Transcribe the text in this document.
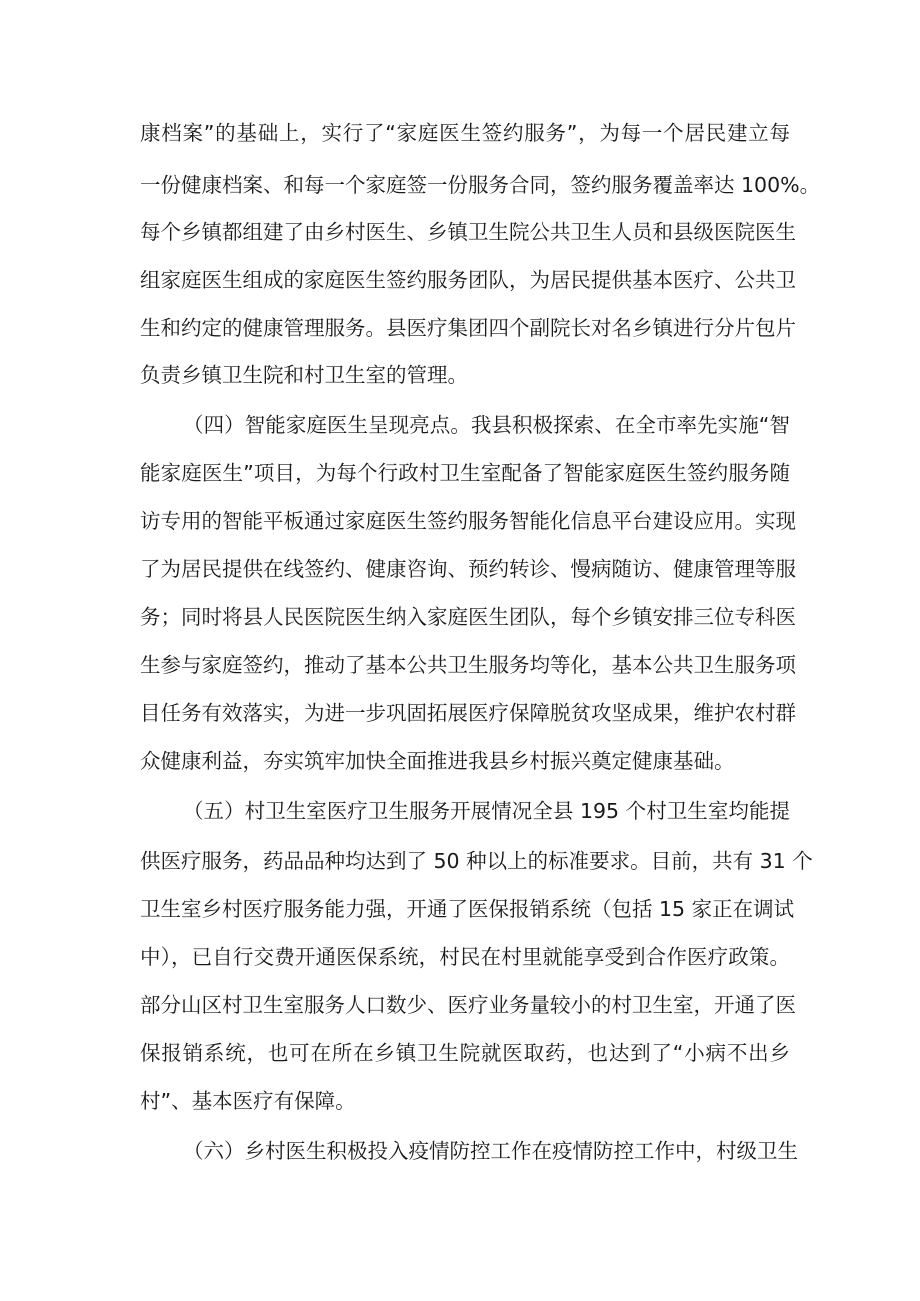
康档案”的基础上，实行了“家庭医生签约服务”，为每一个居民建立每
一份健康档案、和每一个家庭签一份服务合同，签约服务覆盖率达 100%。
每个乡镇都组建了由乡村医生、乡镇卫生院公共卫生人员和县级医院医生
组家庭医生组成的家庭医生签约服务团队，为居民提供基本医疗、公共卫
生和约定的健康管理服务。县医疗集团四个副院长对名乡镇进行分片包片
负责乡镇卫生院和村卫生室的管理。
（四）智能家庭医生呈现亮点。我县积极探索、在全市率先实施“智
能家庭医生”项目，为每个行政村卫生室配备了智能家庭医生签约服务随
访专用的智能平板通过家庭医生签约服务智能化信息平台建设应用。实现
了为居民提供在线签约、健康咨询、预约转诊、慢病随访、健康管理等服
务；同时将县人民医院医生纳入家庭医生团队，每个乡镇安排三位专科医
生参与家庭签约，推动了基本公共卫生服务均等化，基本公共卫生服务项
目任务有效落实，为进一步巩固拓展医疗保障脱贫攻坚成果，维护农村群
众健康利益，夯实筑牢加快全面推进我县乡村振兴奠定健康基础。
（五）村卫生室医疗卫生服务开展情况全县 195 个村卫生室均能提
供医疗服务，药品品种均达到了 50 种以上的标准要求。目前，共有 31 个
卫生室乡村医疗服务能力强，开通了医保报销系统（包括 15 家正在调试
中），已自行交费开通医保系统，村民在村里就能享受到合作医疗政策。
部分山区村卫生室服务人口数少、医疗业务量较小的村卫生室，开通了医
保报销系统，也可在所在乡镇卫生院就医取药，也达到了“小病不出乡
村”、基本医疗有保障。
（六）乡村医生积极投入疫情防控工作在疫情防控工作中，村级卫生
